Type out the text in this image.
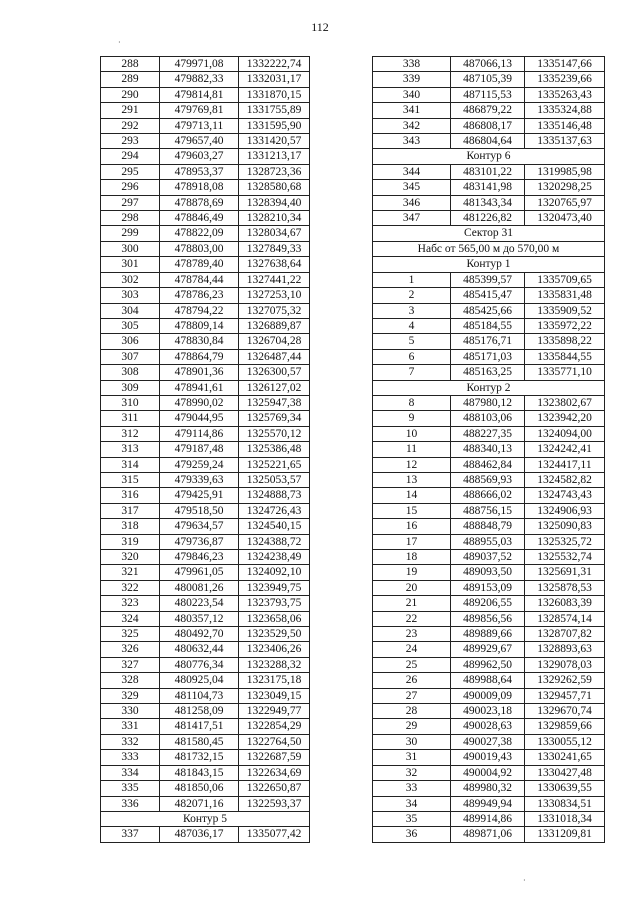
112
·
·
288	479971,08	1332222,74
289	479882,33	1332031,17
290	479814,81	1331870,15
291	479769,81	1331755,89
292	479713,11	1331595,90
293	479657,40	1331420,57
294	479603,27	1331213,17
295	478953,37	1328723,36
296	478918,08	1328580,68
297	478878,69	1328394,40
298	478846,49	1328210,34
299	478822,09	1328034,67
300	478803,00	1327849,33
301	478789,40	1327638,64
302	478784,44	1327441,22
303	478786,23	1327253,10
304	478794,22	1327075,32
305	478809,14	1326889,87
306	478830,84	1326704,28
307	478864,79	1326487,44
308	478901,36	1326300,57
309	478941,61	1326127,02
310	478990,02	1325947,38
311	479044,95	1325769,34
312	479114,86	1325570,12
313	479187,48	1325386,48
314	479259,24	1325221,65
315	479339,63	1325053,57
316	479425,91	1324888,73
317	479518,50	1324726,43
318	479634,57	1324540,15
319	479736,87	1324388,72
320	479846,23	1324238,49
321	479961,05	1324092,10
322	480081,26	1323949,75
323	480223,54	1323793,75
324	480357,12	1323658,06
325	480492,70	1323529,50
326	480632,44	1323406,26
327	480776,34	1323288,32
328	480925,04	1323175,18
329	481104,73	1323049,15
330	481258,09	1322949,77
331	481417,51	1322854,29
332	481580,45	1322764,50
333	481732,15	1322687,59
334	481843,15	1322634,69
335	481850,06	1322650,87
336	482071,16	1322593,37
Контур 5		
337	487036,17	1335077,42
338	487066,13	1335147,66
339	487105,39	1335239,66
340	487115,53	1335263,43
341	486879,22	1335324,88
342	486808,17	1335146,48
343	486804,64	1335137,63
Контур 6		
344	483101,22	1319985,98
345	483141,98	1320298,25
346	481343,34	1320765,97
347	481226,82	1320473,40
Сектор 31		
Набс от 565,00 м до 570,00 м		
Контур 1		
1	485399,57	1335709,65
2	485415,47	1335831,48
3	485425,66	1335909,52
4	485184,55	1335972,22
5	485176,71	1335898,22
6	485171,03	1335844,55
7	485163,25	1335771,10
Контур 2		
8	487980,12	1323802,67
9	488103,06	1323942,20
10	488227,35	1324094,00
11	488340,13	1324242,41
12	488462,84	1324417,11
13	488569,93	1324582,82
14	488666,02	1324743,43
15	488756,15	1324906,93
16	488848,79	1325090,83
17	488955,03	1325325,72
18	489037,52	1325532,74
19	489093,50	1325691,31
20	489153,09	1325878,53
21	489206,55	1326083,39
22	489856,56	1328574,14
23	489889,66	1328707,82
24	489929,67	1328893,63
25	489962,50	1329078,03
26	489988,64	1329262,59
27	490009,09	1329457,71
28	490023,18	1329670,74
29	490028,63	1329859,66
30	490027,38	1330055,12
31	490019,43	1330241,65
32	490004,92	1330427,48
33	489980,32	1330639,55
34	489949,94	1330834,51
35	489914,86	1331018,34
36	489871,06	1331209,81
